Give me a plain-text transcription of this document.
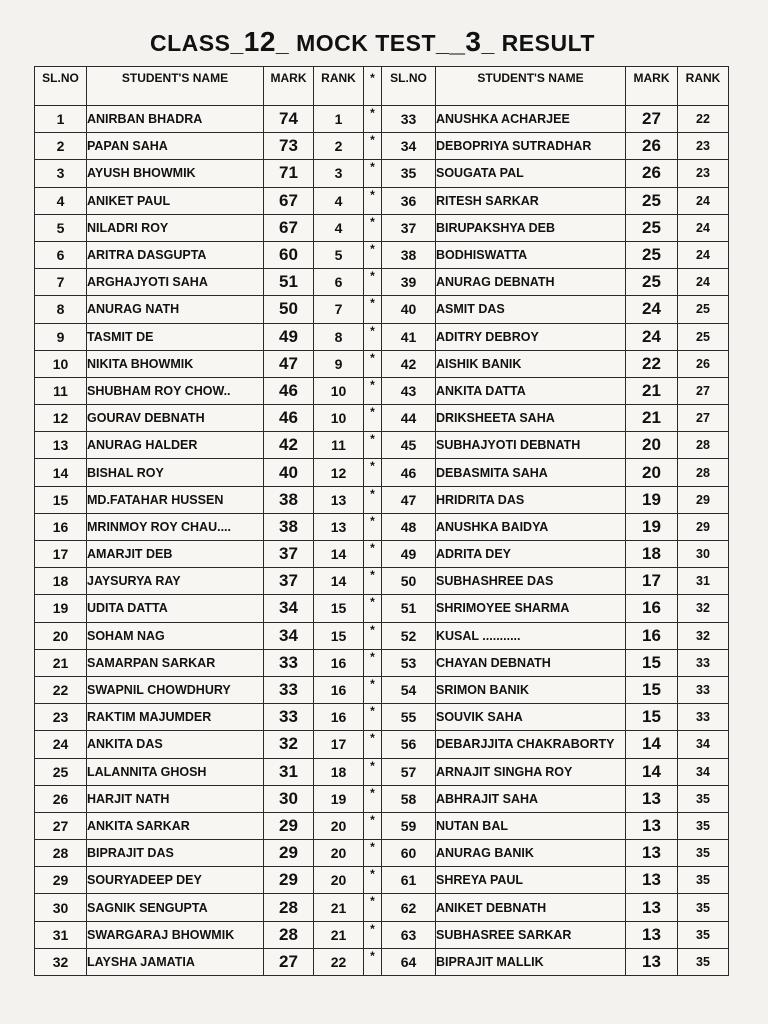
CLASS_12_ MOCK TEST__3_ RESULT
SL.NO	STUDENT'S NAME	MARK	RANK	*	SL.NO	STUDENT'S NAME	MARK	RANK
1	ANIRBAN BHADRA	74	1	*	33	ANUSHKA ACHARJEE	27	22
2	PAPAN SAHA	73	2	*	34	DEBOPRIYA SUTRADHAR	26	23
3	AYUSH BHOWMIK	71	3	*	35	SOUGATA PAL	26	23
4	ANIKET PAUL	67	4	*	36	RITESH SARKAR	25	24
5	NILADRI ROY	67	4	*	37	BIRUPAKSHYA DEB	25	24
6	ARITRA DASGUPTA	60	5	*	38	BODHISWATTA	25	24
7	ARGHAJYOTI SAHA	51	6	*	39	ANURAG DEBNATH	25	24
8	ANURAG NATH	50	7	*	40	ASMIT DAS	24	25
9	TASMIT DE	49	8	*	41	ADITRY DEBROY	24	25
10	NIKITA BHOWMIK	47	9	*	42	AISHIK BANIK	22	26
11	SHUBHAM ROY CHOW..	46	10	*	43	ANKITA DATTA	21	27
12	GOURAV DEBNATH	46	10	*	44	DRIKSHEETA SAHA	21	27
13	ANURAG HALDER	42	11	*	45	SUBHAJYOTI DEBNATH	20	28
14	BISHAL ROY	40	12	*	46	DEBASMITA SAHA	20	28
15	MD.FATAHAR HUSSEN	38	13	*	47	HRIDRITA DAS	19	29
16	MRINMOY ROY CHAU....	38	13	*	48	ANUSHKA BAIDYA	19	29
17	AMARJIT DEB	37	14	*	49	ADRITA DEY	18	30
18	JAYSURYA RAY	37	14	*	50	SUBHASHREE DAS	17	31
19	UDITA DATTA	34	15	*	51	SHRIMOYEE SHARMA	16	32
20	SOHAM NAG	34	15	*	52	KUSAL ...........	16	32
21	SAMARPAN SARKAR	33	16	*	53	CHAYAN DEBNATH	15	33
22	SWAPNIL CHOWDHURY	33	16	*	54	SRIMON BANIK	15	33
23	RAKTIM MAJUMDER	33	16	*	55	SOUVIK SAHA	15	33
24	ANKITA DAS	32	17	*	56	DEBARJJITA CHAKRABORTY	14	34
25	LALANNITA GHOSH	31	18	*	57	ARNAJIT SINGHA ROY	14	34
26	HARJIT NATH	30	19	*	58	ABHRAJIT SAHA	13	35
27	ANKITA SARKAR	29	20	*	59	NUTAN BAL	13	35
28	BIPRAJIT DAS	29	20	*	60	ANURAG BANIK	13	35
29	SOURYADEEP DEY	29	20	*	61	SHREYA PAUL	13	35
30	SAGNIK SENGUPTA	28	21	*	62	ANIKET DEBNATH	13	35
31	SWARGARAJ BHOWMIK	28	21	*	63	SUBHASREE SARKAR	13	35
32	LAYSHA JAMATIA	27	22	*	64	BIPRAJIT MALLIK	13	35
